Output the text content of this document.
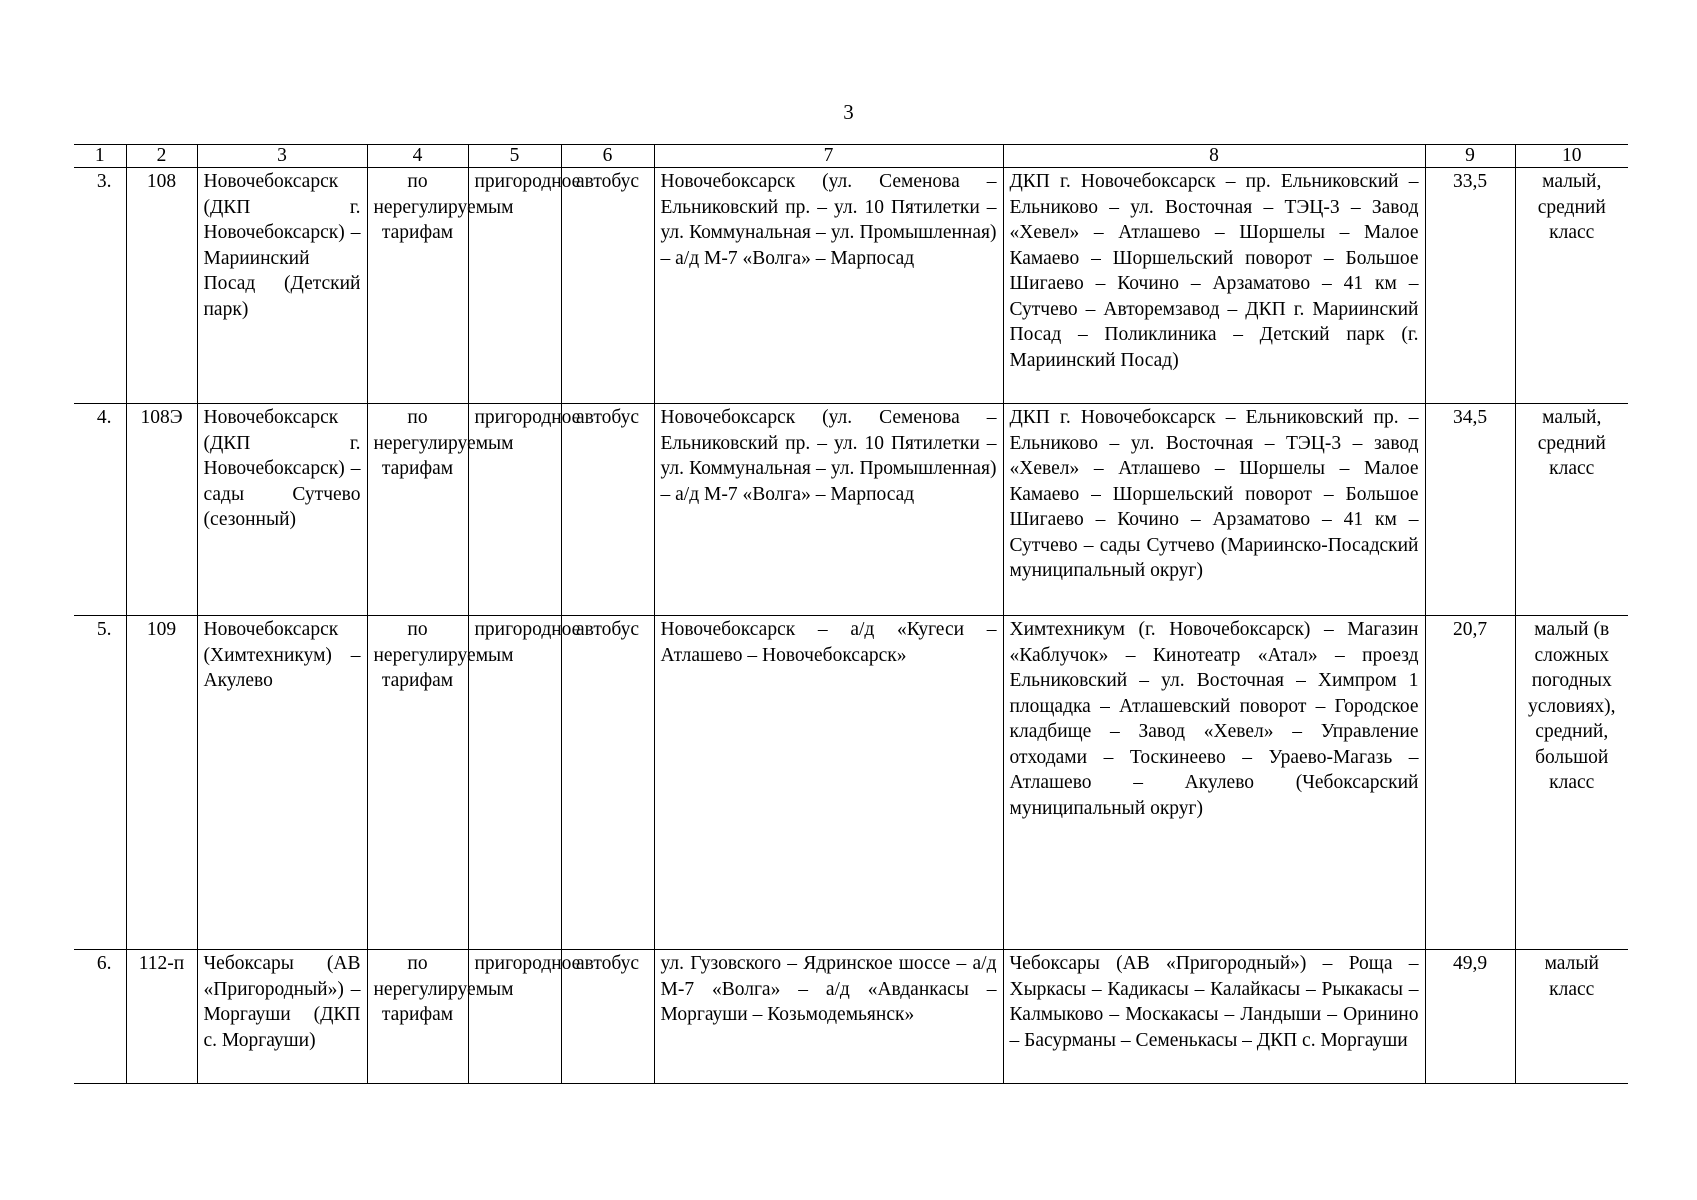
3
1	2	3	4	5	6	7	8	9	10
3.	108	Новочебоксарск (ДКП г. Новочебоксарск) – Мариинский Посад (Детский парк)	по нерегулируемым тарифам	пригородное	автобус	Новочебоксарск (ул. Семенова – Ельниковский пр. – ул. 10 Пятилетки – ул. Коммунальная – ул. Промышленная) – а/д М-7 «Волга» – Марпосад	ДКП г. Новочебоксарск – пр. Ельниковский – Ельниково – ул. Восточная – ТЭЦ-3 – Завод «Хевел» – Атлашево – Шоршелы – Малое Камаево – Шоршельский поворот – Большое Шигаево – Кочино – Арзаматово – 41 км – Сутчево – Авторемзавод – ДКП г. Мариинский Посад – Поликлиника – Детский парк (г. Мариинский Посад)	33,5	малый, средний класс
4.	108Э	Новочебоксарск (ДКП г. Новочебоксарск) – сады Сутчево (сезонный)	по нерегулируемым тарифам	пригородное	автобус	Новочебоксарск (ул. Семенова – Ельниковский пр. – ул. 10 Пятилетки – ул. Коммунальная – ул. Промышленная) – а/д М-7 «Волга» – Марпосад	ДКП г. Новочебоксарск – Ельниковский пр. – Ельниково – ул. Восточная – ТЭЦ-3 – завод «Хевел» – Атлашево – Шоршелы – Малое Камаево – Шоршельский поворот – Большое Шигаево – Кочино – Арзаматово – 41 км – Сутчево – сады Сутчево (Мариинско-Посадский муниципальный округ)	34,5	малый, средний класс
5.	109	Новочебоксарск (Химтехникум) – Акулево	по нерегулируемым тарифам	пригородное	автобус	Новочебоксарск – а/д «Кугеси – Атлашево – Новочебоксарск»	Химтехникум (г. Новочебоксарск) – Магазин «Каблучок» – Кинотеатр «Атал» – проезд Ельниковский – ул. Восточная – Химпром 1 площадка – Атлашевский поворот – Городское кладбище – Завод «Хевел» – Управление отходами – Тоскинеево – Ураево-Магазь – Атлашево – Акулево (Чебоксарский муниципальный округ)	20,7	малый (в сложных погодных условиях), средний, большой класс
6.	112-п	Чебоксары (АВ «Пригородный») – Моргауши (ДКП с. Моргауши)	по нерегулируемым тарифам	пригородное	автобус	ул. Гузовского – Ядринское шоссе – а/д М-7 «Волга» – а/д «Авданкасы – Моргауши – Козьмодемьянск»	Чебоксары (АВ «Пригородный») – Роща – Хыркасы – Кадикасы – Калайкасы – Рыкакасы – Калмыково – Москакасы – Ландыши – Оринино – Басурманы – Семенькасы – ДКП с. Моргауши	49,9	малый класс
